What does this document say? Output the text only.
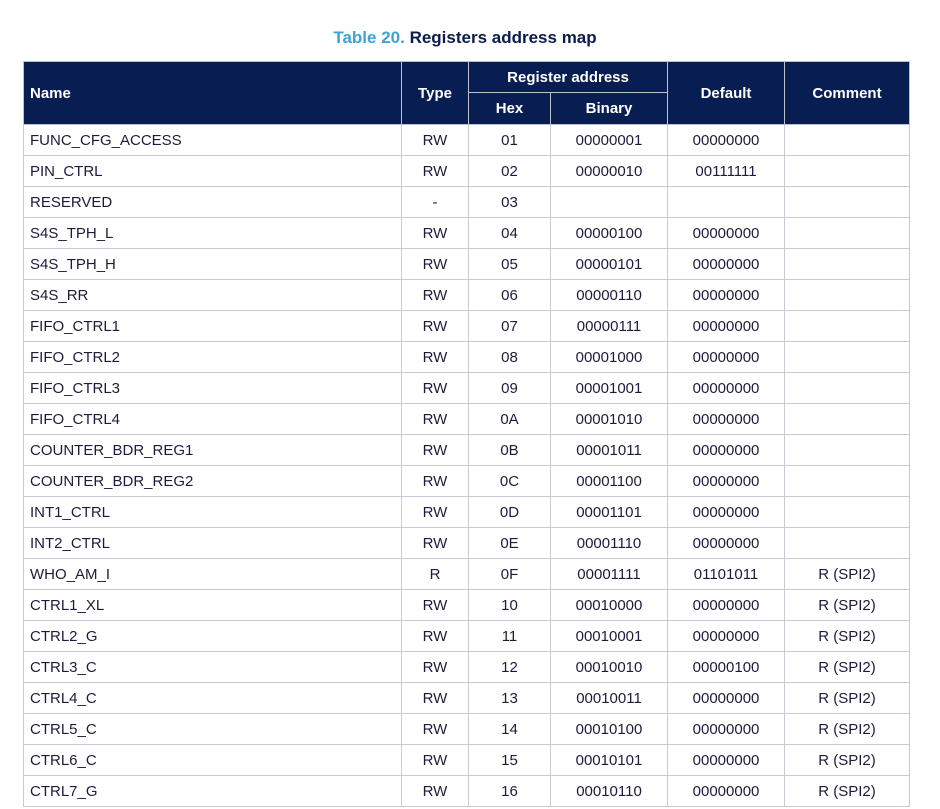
Table 20. Registers address map
Name	Type	Register address		Default	Comment
		Hex	Binary		
FUNC_CFG_ACCESS	RW	01	00000001	00000000	
PIN_CTRL	RW	02	00000010	00111111	
RESERVED	-	03			
S4S_TPH_L	RW	04	00000100	00000000	
S4S_TPH_H	RW	05	00000101	00000000	
S4S_RR	RW	06	00000110	00000000	
FIFO_CTRL1	RW	07	00000111	00000000	
FIFO_CTRL2	RW	08	00001000	00000000	
FIFO_CTRL3	RW	09	00001001	00000000	
FIFO_CTRL4	RW	0A	00001010	00000000	
COUNTER_BDR_REG1	RW	0B	00001011	00000000	
COUNTER_BDR_REG2	RW	0C	00001100	00000000	
INT1_CTRL	RW	0D	00001101	00000000	
INT2_CTRL	RW	0E	00001110	00000000	
WHO_AM_I	R	0F	00001111	01101011	R (SPI2)
CTRL1_XL	RW	10	00010000	00000000	R (SPI2)
CTRL2_G	RW	11	00010001	00000000	R (SPI2)
CTRL3_C	RW	12	00010010	00000100	R (SPI2)
CTRL4_C	RW	13	00010011	00000000	R (SPI2)
CTRL5_C	RW	14	00010100	00000000	R (SPI2)
CTRL6_C	RW	15	00010101	00000000	R (SPI2)
CTRL7_G	RW	16	00010110	00000000	R (SPI2)
